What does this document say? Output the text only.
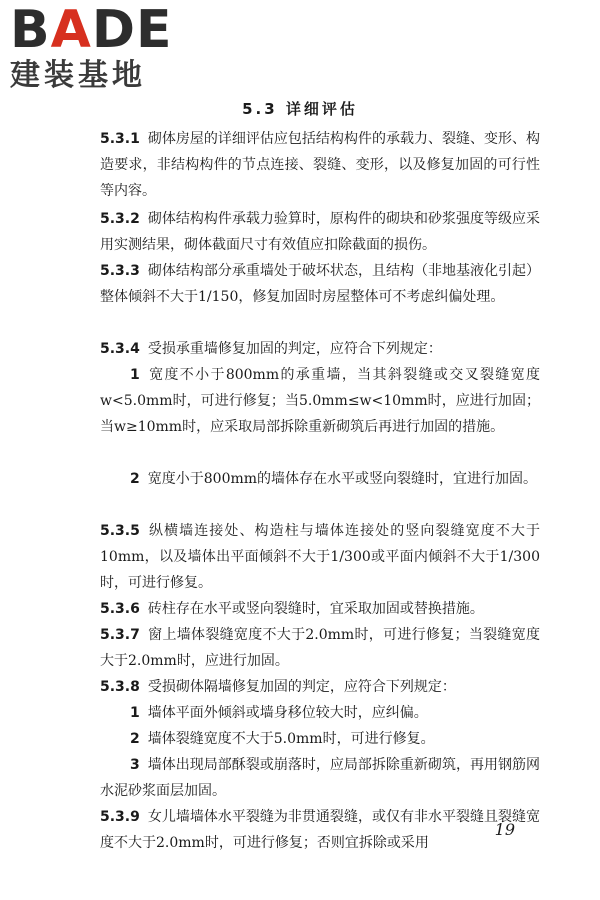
BADE
建装基地
5.3 详细评估

5.3.1 砌体房屋的详细评估应包括结构构件的承载力、裂缝、变形、构造要求，非结构构件的节点连接、裂缝、变形，以及修复加固的可行性等内容。

5.3.2 砌体结构构件承载力验算时，原构件的砌块和砂浆强度等级应采用实测结果，砌体截面尺寸有效值应扣除截面的损伤。

5.3.3 砌体结构部分承重墙处于破坏状态，且结构（非地基液化引起）整体倾斜不大于1/150，修复加固时房屋整体可不考虑纠偏处理。

5.3.4 受损承重墙修复加固的判定，应符合下列规定：

1 宽度不小于800mm的承重墙，当其斜裂缝或交叉裂缝宽度w<5.0mm时，可进行修复；当5.0mm≤w<10mm时，应进行加固；当w≥10mm时，应采取局部拆除重新砌筑后再进行加固的措施。

2 宽度小于800mm的墙体存在水平或竖向裂缝时，宜进行加固。

5.3.5 纵横墙连接处、构造柱与墙体连接处的竖向裂缝宽度不大于10mm，以及墙体出平面倾斜不大于1/300或平面内倾斜不大于1/300时，可进行修复。

5.3.6 砖柱存在水平或竖向裂缝时，宜采取加固或替换措施。

5.3.7 窗上墙体裂缝宽度不大于2.0mm时，可进行修复；当裂缝宽度大于2.0mm时，应进行加固。

5.3.8 受损砌体隔墙修复加固的判定，应符合下列规定：

1 墙体平面外倾斜或墙身移位较大时，应纠偏。

2 墙体裂缝宽度不大于5.0mm时，可进行修复。

3 墙体出现局部酥裂或崩落时，应局部拆除重新砌筑，再用钢筋网水泥砂浆面层加固。

5.3.9 女儿墙墙体水平裂缝为非贯通裂缝，或仅有非水平裂缝且裂缝宽度不大于2.0mm时，可进行修复；否则宜拆除或采用

19
